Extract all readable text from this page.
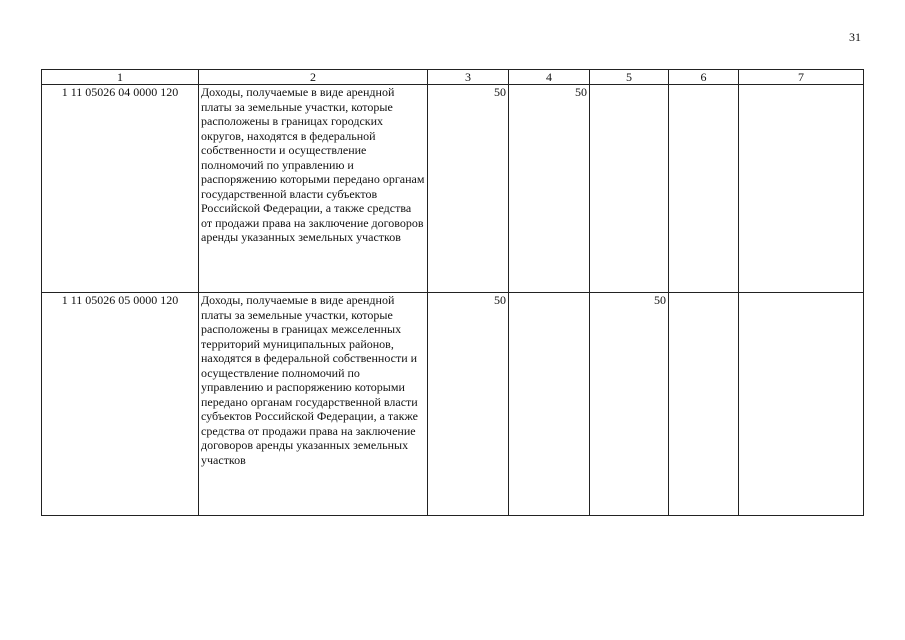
31
1	2	3	4	5	6	7
1 11 05026 04 0000 120	Доходы, получаемые в виде арендной платы за земельные участки, которые расположены в границах городских округов, находятся в федеральной собственности и осуществление полномочий по управлению и распоряжению которыми передано органам государственной власти субъектов Российской Федерации, а также средства от продажи права на заключение договоров аренды указанных земельных участков	50	50			
1 11 05026 05 0000 120	Доходы, получаемые в виде арендной платы за земельные участки, которые расположены в границах межселенных территорий муниципальных районов, находятся в федеральной собственности и осуществление полномочий по управлению и распоряжению которыми передано органам государственной власти субъектов Российской Федерации, а также средства от продажи права на заключение договоров аренды указанных земельных участков	50		50		
